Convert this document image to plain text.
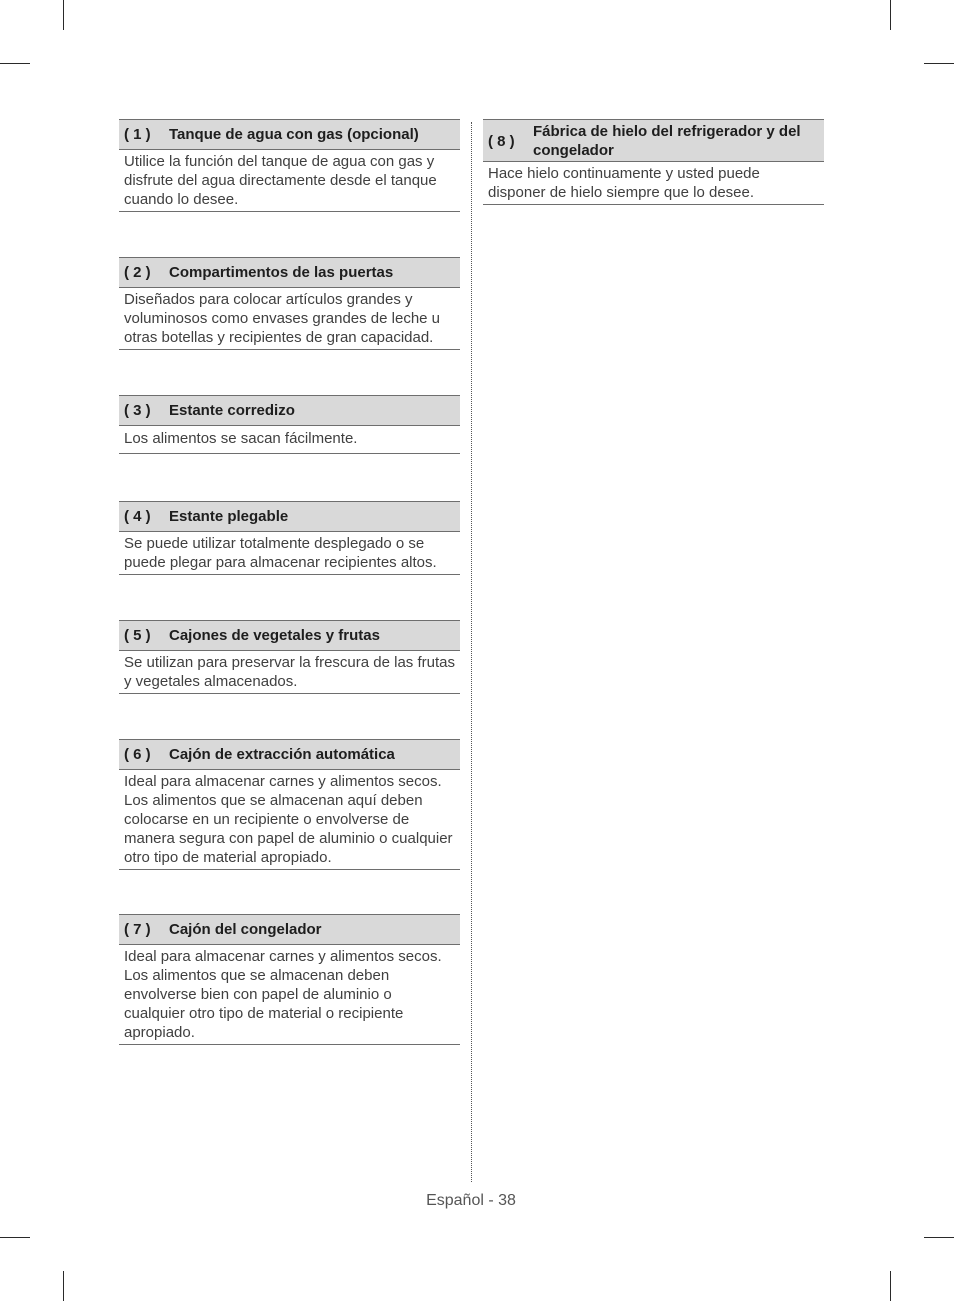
( 1 )	Tanque de agua con gas (opcional)
Utilice la función del tanque de agua con gas y disfrute del agua directamente desde el tanque cuando lo desee.
( 2 )	Compartimentos de las puertas
Diseñados para colocar artículos grandes y voluminosos como envases grandes de leche u otras botellas y recipientes de gran capacidad.
( 3 )	Estante corredizo
Los alimentos se sacan fácilmente.
( 4 )	Estante plegable
Se puede utilizar totalmente desplegado o se puede plegar para almacenar recipientes altos.
( 5 )	Cajones de vegetales y frutas
Se utilizan para preservar la frescura de las frutas y vegetales almacenados.
( 6 )	Cajón de extracción automática
Ideal para almacenar carnes y alimentos secos. Los alimentos que se almacenan aquí deben colocarse en un recipiente o envolverse de manera segura con papel de aluminio o cualquier otro tipo de material apropiado.
( 7 )	Cajón del congelador
Ideal para almacenar carnes y alimentos secos. Los alimentos que se almacenan deben envolverse bien con papel de aluminio o cualquier otro tipo de material o recipiente apropiado.
( 8 )
Fábrica de hielo del refrigerador y del congelador
Hace hielo continuamente y usted puede disponer de hielo siempre que lo desee.
Español - 38
